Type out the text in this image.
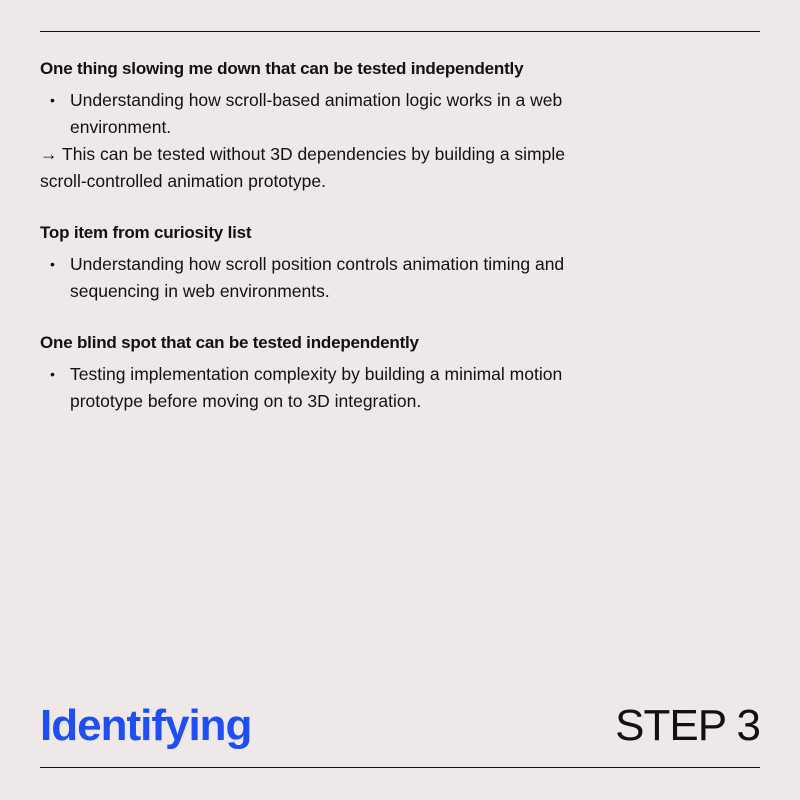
One thing slowing me down that can be tested independently
• Understanding how scroll-based animation logic works in a web environment.

→ This can be tested without 3D dependencies by building a simple scroll-controlled animation prototype.

Top item from curiosity list
• Understanding how scroll position controls animation timing and sequencing in web environments.
One blind spot that can be tested independently
• Testing implementation complexity by building a minimal motion prototype before moving on to 3D integration.
Identifying	STEP 3
